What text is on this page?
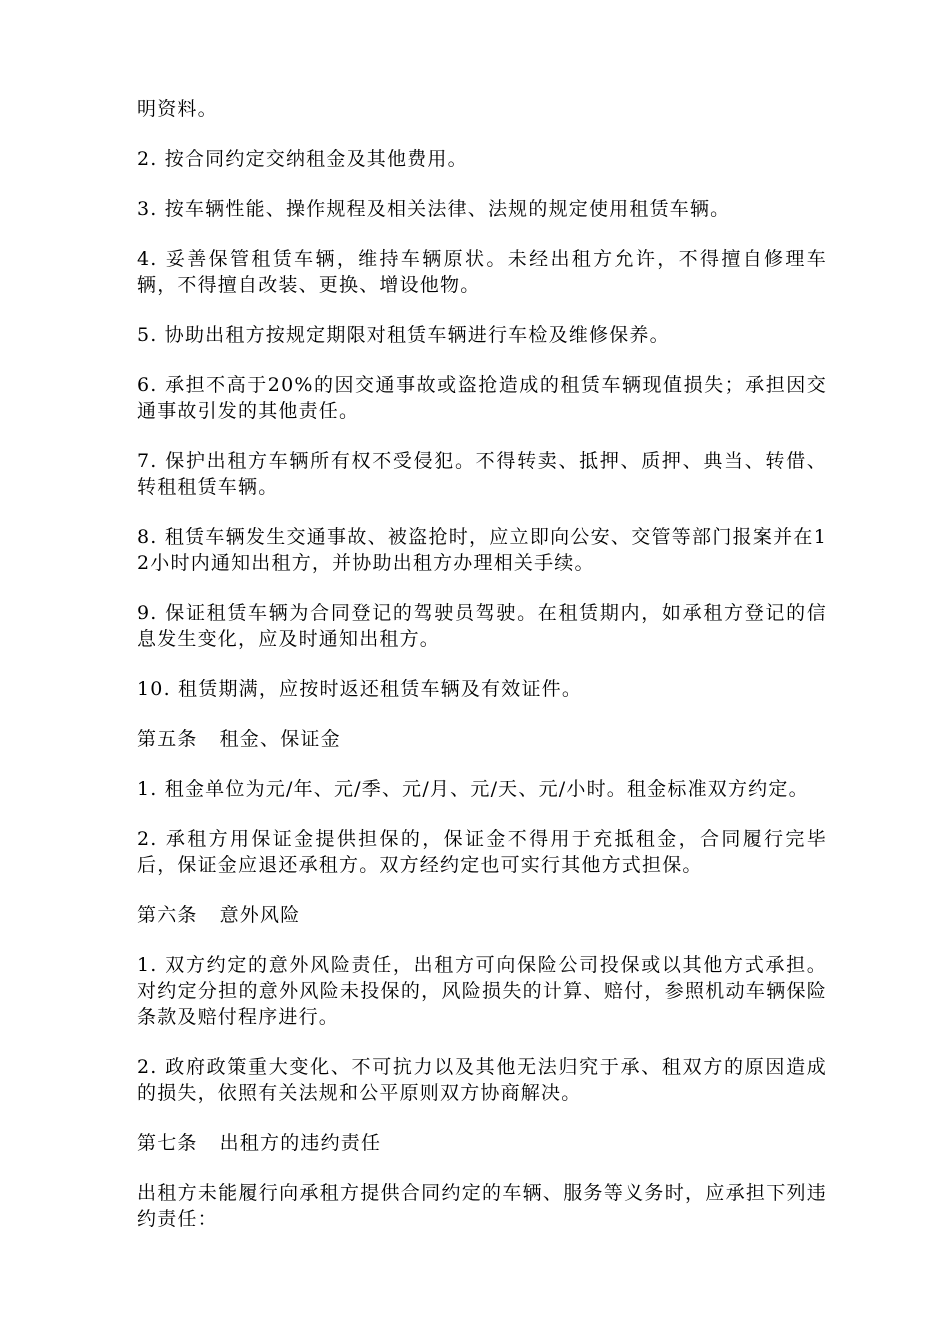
明资料。

2. 按合同约定交纳租金及其他费用。

3. 按车辆性能、操作规程及相关法律、法规的规定使用租赁车辆。

4. 妥善保管租赁车辆，维持车辆原状。未经出租方允许，不得擅自修理车辆，不得擅自改装、更换、增设他物。

5. 协助出租方按规定期限对租赁车辆进行车检及维修保养。

6. 承担不高于20%的因交通事故或盗抢造成的租赁车辆现值损失；承担因交通事故引发的其他责任。

7. 保护出租方车辆所有权不受侵犯。不得转卖、抵押、质押、典当、转借、转租租赁车辆。

8. 租赁车辆发生交通事故、被盗抢时，应立即向公安、交管等部门报案并在12小时内通知出租方，并协助出租方办理相关手续。

9. 保证租赁车辆为合同登记的驾驶员驾驶。在租赁期内，如承租方登记的信息发生变化，应及时通知出租方。

10. 租赁期满，应按时返还租赁车辆及有效证件。

第五条 租金、保证金

1. 租金单位为元/年、元/季、元/月、元/天、元/小时。租金标准双方约定。

2. 承租方用保证金提供担保的，保证金不得用于充抵租金，合同履行完毕后，保证金应退还承租方。双方经约定也可实行其他方式担保。

第六条 意外风险

1. 双方约定的意外风险责任，出租方可向保险公司投保或以其他方式承担。对约定分担的意外风险未投保的，风险损失的计算、赔付，参照机动车辆保险条款及赔付程序进行。

2. 政府政策重大变化、不可抗力以及其他无法归究于承、租双方的原因造成的损失，依照有关法规和公平原则双方协商解决。

第七条 出租方的违约责任

出租方未能履行向承租方提供合同约定的车辆、服务等义务时，应承担下列违约责任：
